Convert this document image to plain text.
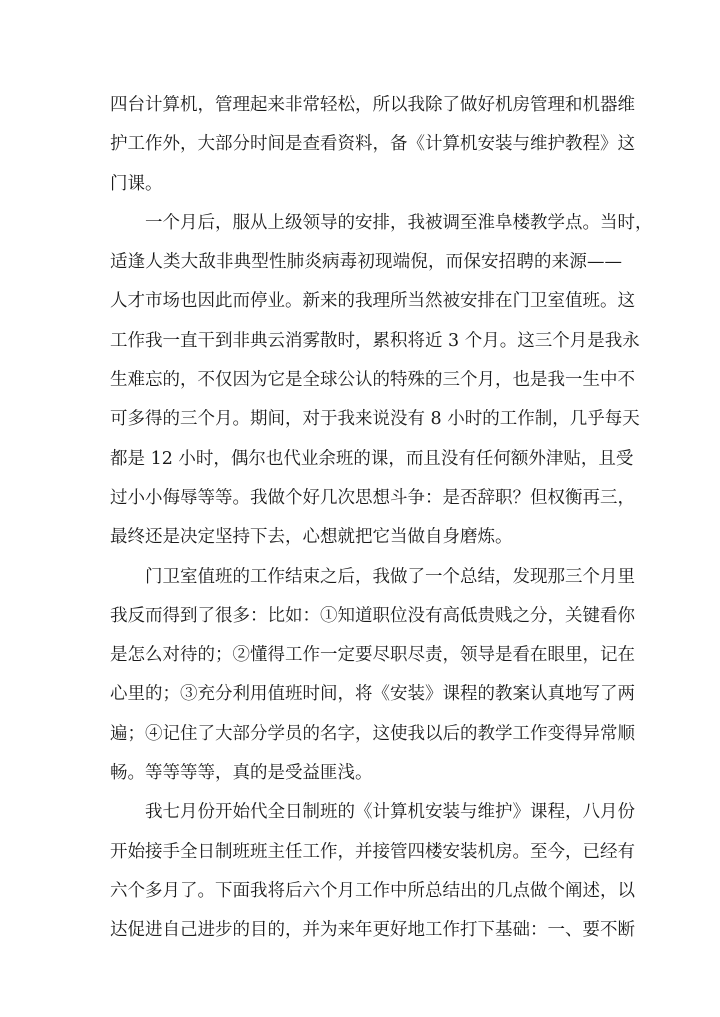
四台计算机，管理起来非常轻松，所以我除了做好机房管理和机器维
护工作外，大部分时间是查看资料，备《计算机安装与维护教程》这
门课。
一个月后，服从上级领导的安排，我被调至淮阜楼教学点。当时，
适逢人类大敌非典型性肺炎病毒初现端倪，而保安招聘的来源——
人才市场也因此而停业。新来的我理所当然被安排在门卫室值班。这
工作我一直干到非典云消雾散时，累积将近 3 个月。这三个月是我永
生难忘的，不仅因为它是全球公认的特殊的三个月，也是我一生中不
可多得的三个月。期间，对于我来说没有 8 小时的工作制，几乎每天
都是 12 小时，偶尔也代业余班的课，而且没有任何额外津贴，且受
过小小侮辱等等。我做个好几次思想斗争：是否辞职？但权衡再三，
最终还是决定坚持下去，心想就把它当做自身磨炼。
门卫室值班的工作结束之后，我做了一个总结，发现那三个月里
我反而得到了很多：比如：①知道职位没有高低贵贱之分，关键看你
是怎么对待的；②懂得工作一定要尽职尽责，领导是看在眼里，记在
心里的；③充分利用值班时间，将《安装》课程的教案认真地写了两
遍；④记住了大部分学员的名字，这使我以后的教学工作变得异常顺
畅。等等等等，真的是受益匪浅。
我七月份开始代全日制班的《计算机安装与维护》课程，八月份
开始接手全日制班班主任工作，并接管四楼安装机房。至今，已经有
六个多月了。下面我将后六个月工作中所总结出的几点做个阐述，以
达促进自己进步的目的，并为来年更好地工作打下基础：一、要不断
